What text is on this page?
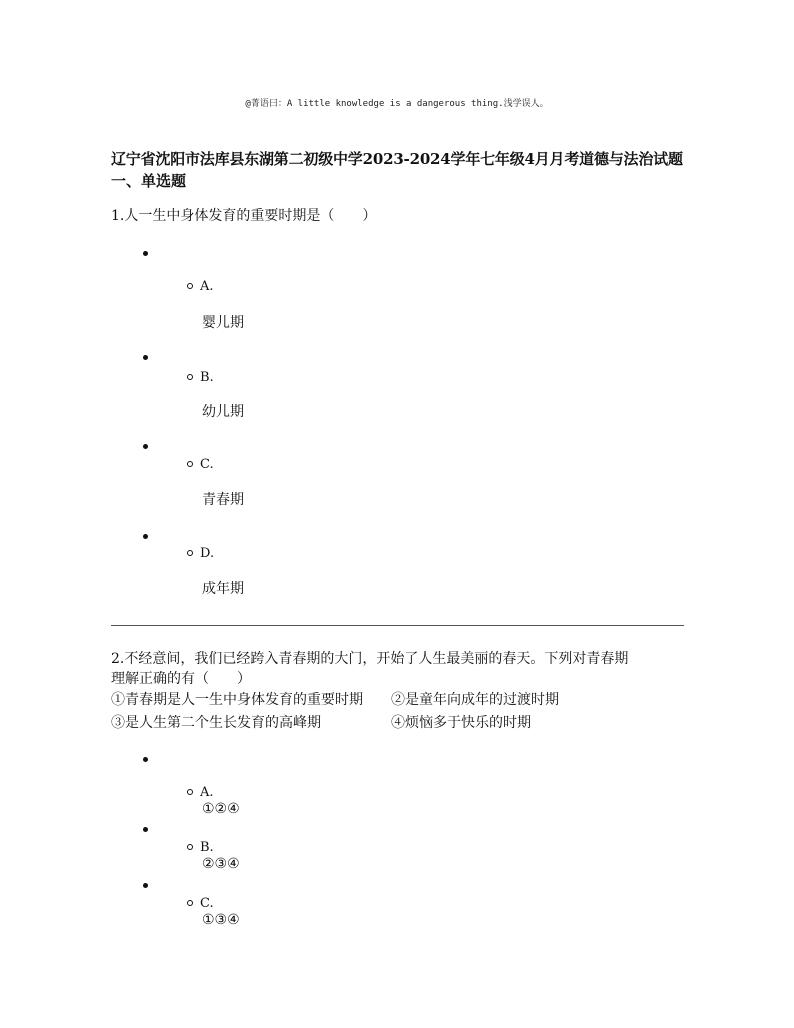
@菁语曰：A little knowledge is a dangerous thing.浅学误人。
辽宁省沈阳市法库县东湖第二初级中学2023-2024学年七年级4月月考道德与法治试题
一、单选题
1.人一生中身体发育的重要时期是（　　）
A.
婴儿期
B.
幼儿期
C.
青春期
D.
成年期
2.不经意间，我们已经跨入青春期的大门，开始了人生最美丽的春天。下列对青春期
理解正确的有（　　）
①青春期是人一生中身体发育的重要时期　　②是童年向成年的过渡时期
③是人生第二个生长发育的高峰期　　　　　④烦恼多于快乐的时期
A.
①②④
B.
②③④
C.
①③④
